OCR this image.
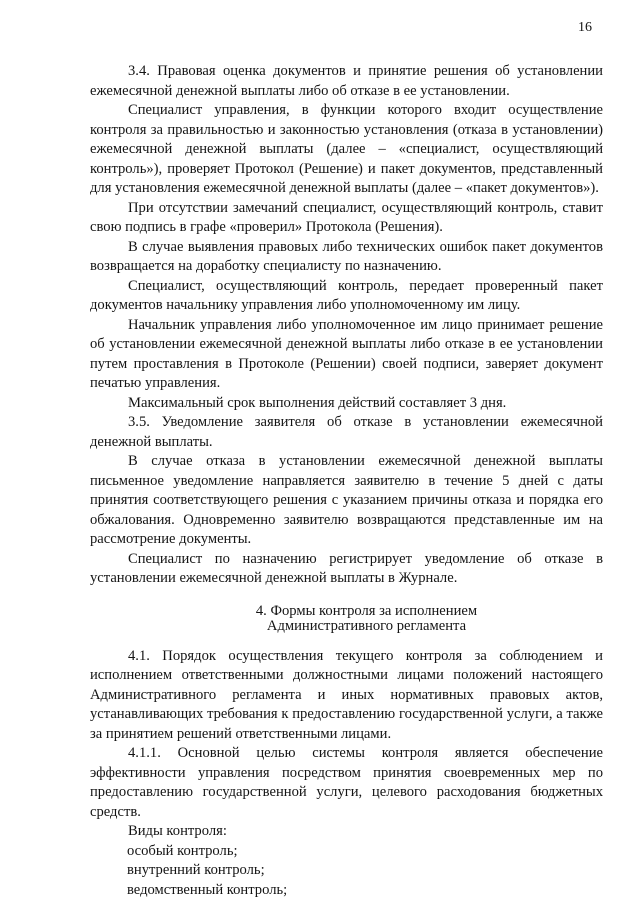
16

3.4. Правовая оценка документов и принятие решения об установлении ежемесячной денежной выплаты либо об отказе в ее установлении.

Специалист управления, в функции которого входит осуществление контроля за правильностью и законностью установления (отказа в установлении) ежемесячной денежной выплаты (далее – «специалист, осуществляющий контроль»), проверяет Протокол (Решение) и пакет документов, представленный для установления ежемесячной денежной выплаты (далее – «пакет документов»).

При отсутствии замечаний специалист, осуществляющий контроль, ставит свою подпись в графе «проверил» Протокола (Решения).

В случае выявления правовых либо технических ошибок пакет документов возвращается на доработку специалисту по назначению.

Специалист, осуществляющий контроль, передает проверенный пакет документов начальнику управления либо уполномоченному им лицу.

Начальник управления либо уполномоченное им лицо принимает решение об установлении ежемесячной денежной выплаты либо отказе в ее установлении путем проставления в Протоколе (Решении) своей подписи, заверяет документ печатью управления.

Максимальный срок выполнения действий составляет 3 дня.

3.5. Уведомление заявителя об отказе в установлении ежемесячной денежной выплаты.

В случае отказа в установлении ежемесячной денежной выплаты письменное уведомление направляется заявителю в течение 5 дней с даты принятия соответствующего решения с указанием причины отказа и порядка его обжалования. Одновременно заявителю возвращаются представленные им на рассмотрение документы.

Специалист по назначению регистрирует уведомление об отказе в установлении ежемесячной денежной выплаты в Журнале.

4. Формы контроля за исполнением
Административного регламента

4.1. Порядок осуществления текущего контроля за соблюдением и исполнением ответственными должностными лицами положений настоящего Административного регламента и иных нормативных правовых актов, устанавливающих требования к предоставлению государственной услуги, а также за принятием решений ответственными лицами.

4.1.1. Основной целью системы контроля является обеспечение эффективности управления посредством принятия своевременных мер по предоставлению государственной услуги, целевого расходования бюджетных средств.

Виды контроля:

особый контроль;

внутренний контроль;

ведомственный контроль;
